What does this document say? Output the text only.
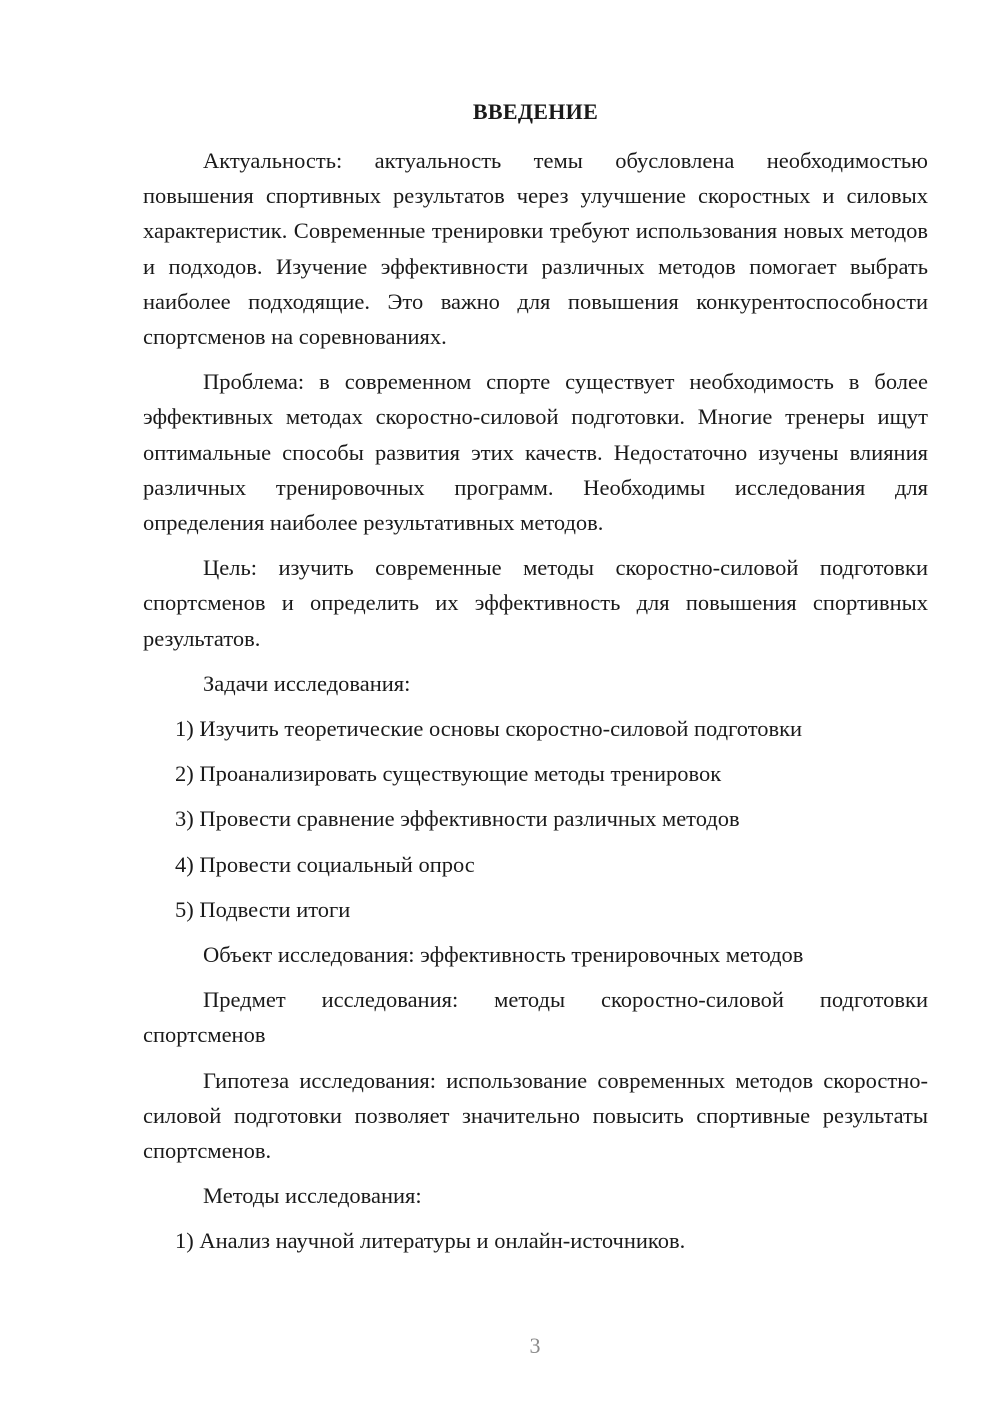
ВВЕДЕНИЕ

Актуальность: актуальность темы обусловлена необходимостью повышения спортивных результатов через улучшение скоростных и силовых характеристик. Современные тренировки требуют использования новых методов и подходов. Изучение эффективности различных методов помогает выбрать наиболее подходящие. Это важно для повышения конкурентоспособности спортсменов на соревнованиях.

Проблема: в современном спорте существует необходимость в более эффективных методах скоростно-силовой подготовки. Многие тренеры ищут оптимальные способы развития этих качеств. Недостаточно изучены влияния различных тренировочных программ. Необходимы исследования для определения наиболее результативных методов.

Цель: изучить современные методы скоростно-силовой подготовки спортсменов и определить их эффективность для повышения спортивных результатов.

Задачи исследования:

1) Изучить теоретические основы скоростно-силовой подготовки

2) Проанализировать существующие методы тренировок

3) Провести сравнение эффективности различных методов

4) Провести социальный опрос

5) Подвести итоги

Объект исследования: эффективность тренировочных методов

Предмет исследования: методы скоростно-силовой подготовки спортсменов

Гипотеза исследования: использование современных методов скоростно-силовой подготовки позволяет значительно повысить спортивные результаты спортсменов.

Методы исследования:

1) Анализ научной литературы и онлайн-источников.

3
